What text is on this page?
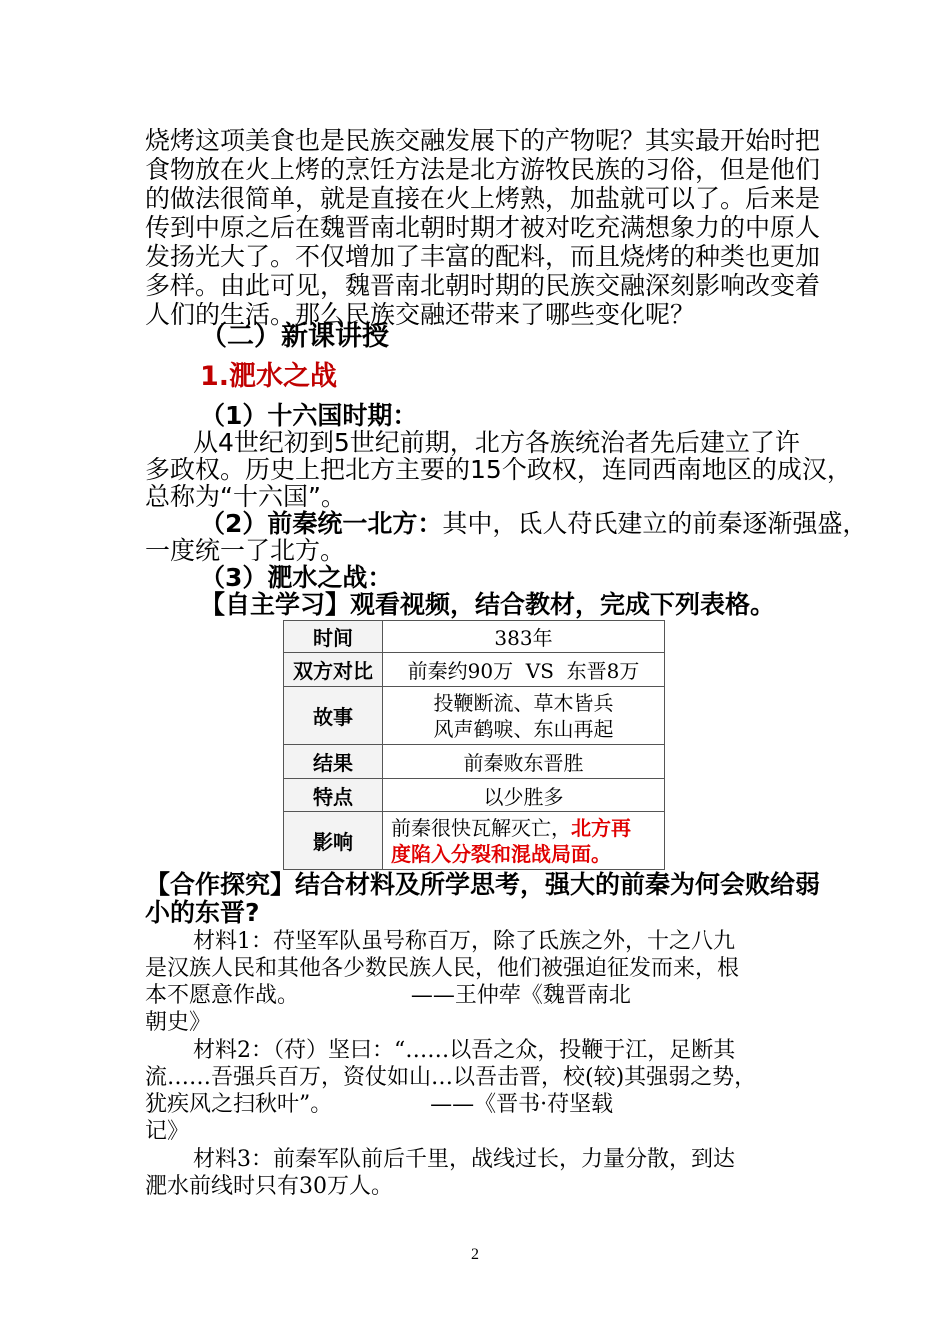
烧烤这项美食也是民族交融发展下的产物呢？其实最开始时把
食物放在火上烤的烹饪方法是北方游牧民族的习俗，但是他们
的做法很简单，就是直接在火上烤熟，加盐就可以了。后来是
传到中原之后在魏晋南北朝时期才被对吃充满想象力的中原人
发扬光大了。不仅增加了丰富的配料，而且烧烤的种类也更加
多样。由此可见，魏晋南北朝时期的民族交融深刻影响改变着
人们的生活。那么民族交融还带来了哪些变化呢？
（二）新课讲授
1.淝水之战
（1）十六国时期：
从4世纪初到5世纪前期，北方各族统治者先后建立了许
多政权。历史上把北方主要的15个政权，连同西南地区的成汉，
总称为“十六国”。
（2）前秦统一北方：其中，氐人苻氏建立的前秦逐渐强盛，
一度统一了北方。
（3）淝水之战：
【自主学习】观看视频，结合教材，完成下列表格。
时间	383年
双方对比	前秦约90万  VS  东晋8万
故事	投鞭断流、草木皆兵
风声鹤唳、东山再起

结果	前秦败东晋胜
特点	以少胜多
影响	前秦很快瓦解灭亡，北方再
度陷入分裂和混战局面。
【合作探究】结合材料及所学思考，强大的前秦为何会败给弱
小的东晋?
材料1：苻坚军队虽号称百万，除了氐族之外，十之八九
是汉族人民和其他各少数民族人民，他们被强迫征发而来，根
本不愿意作战。                ——王仲荦《魏晋南北
朝史》
材料2：（苻）坚曰：“……以吾之众，投鞭于江，足断其
流……吾强兵百万，资仗如山…以吾击晋，校(较)其强弱之势，
犹疾风之扫秋叶”。              ——《晋书·苻坚载
记》
材料3：前秦军队前后千里，战线过长，力量分散，到达
淝水前线时只有30万人。
2
